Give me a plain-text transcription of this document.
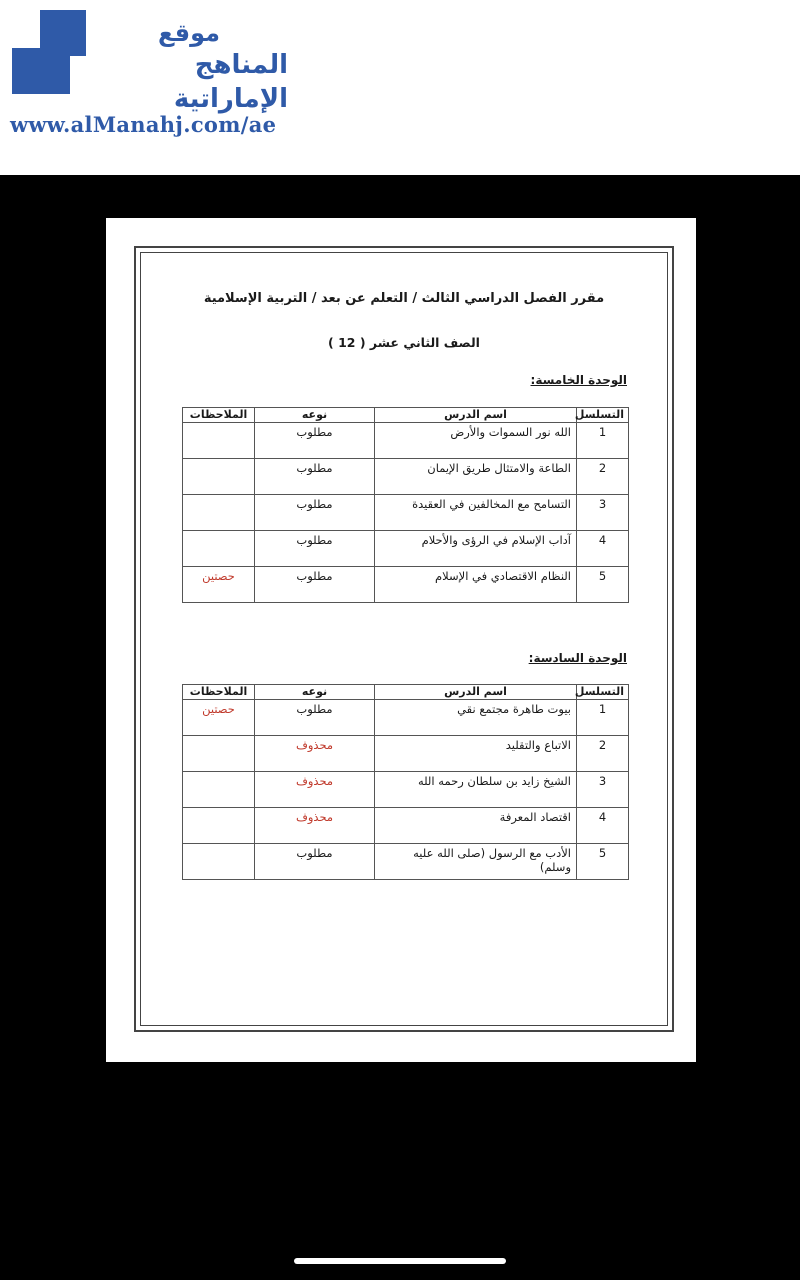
موقع
المناهج الإماراتية
www.alManahj.com/ae
مقرر الفصل الدراسي الثالث / التعلم عن بعد / التربية الإسلامية
الصف الثاني عشر ( 12 )
الوحدة الخامسة:
التسلسل	اسم الدرس	نوعه	الملاحظات
1	الله نور السموات والأرض	مطلوب	
2	الطاعة والامتثال طريق الإيمان	مطلوب	
3	التسامح مع المخالفين في العقيدة	مطلوب	
4	آداب الإسلام في الرؤى والأحلام	مطلوب	
5	النظام الاقتصادي في الإسلام	مطلوب	حصتين
الوحدة السادسة:
التسلسل	اسم الدرس	نوعه	الملاحظات
1	بيوت طاهرة مجتمع نقي	مطلوب	حصتين
2	الاتباع والتقليد	محذوف	
3	الشيخ زايد بن سلطان رحمه الله	محذوف	
4	اقتصاد المعرفة	محذوف	
5	الأدب مع الرسول (صلى الله عليه وسلم)	مطلوب	
